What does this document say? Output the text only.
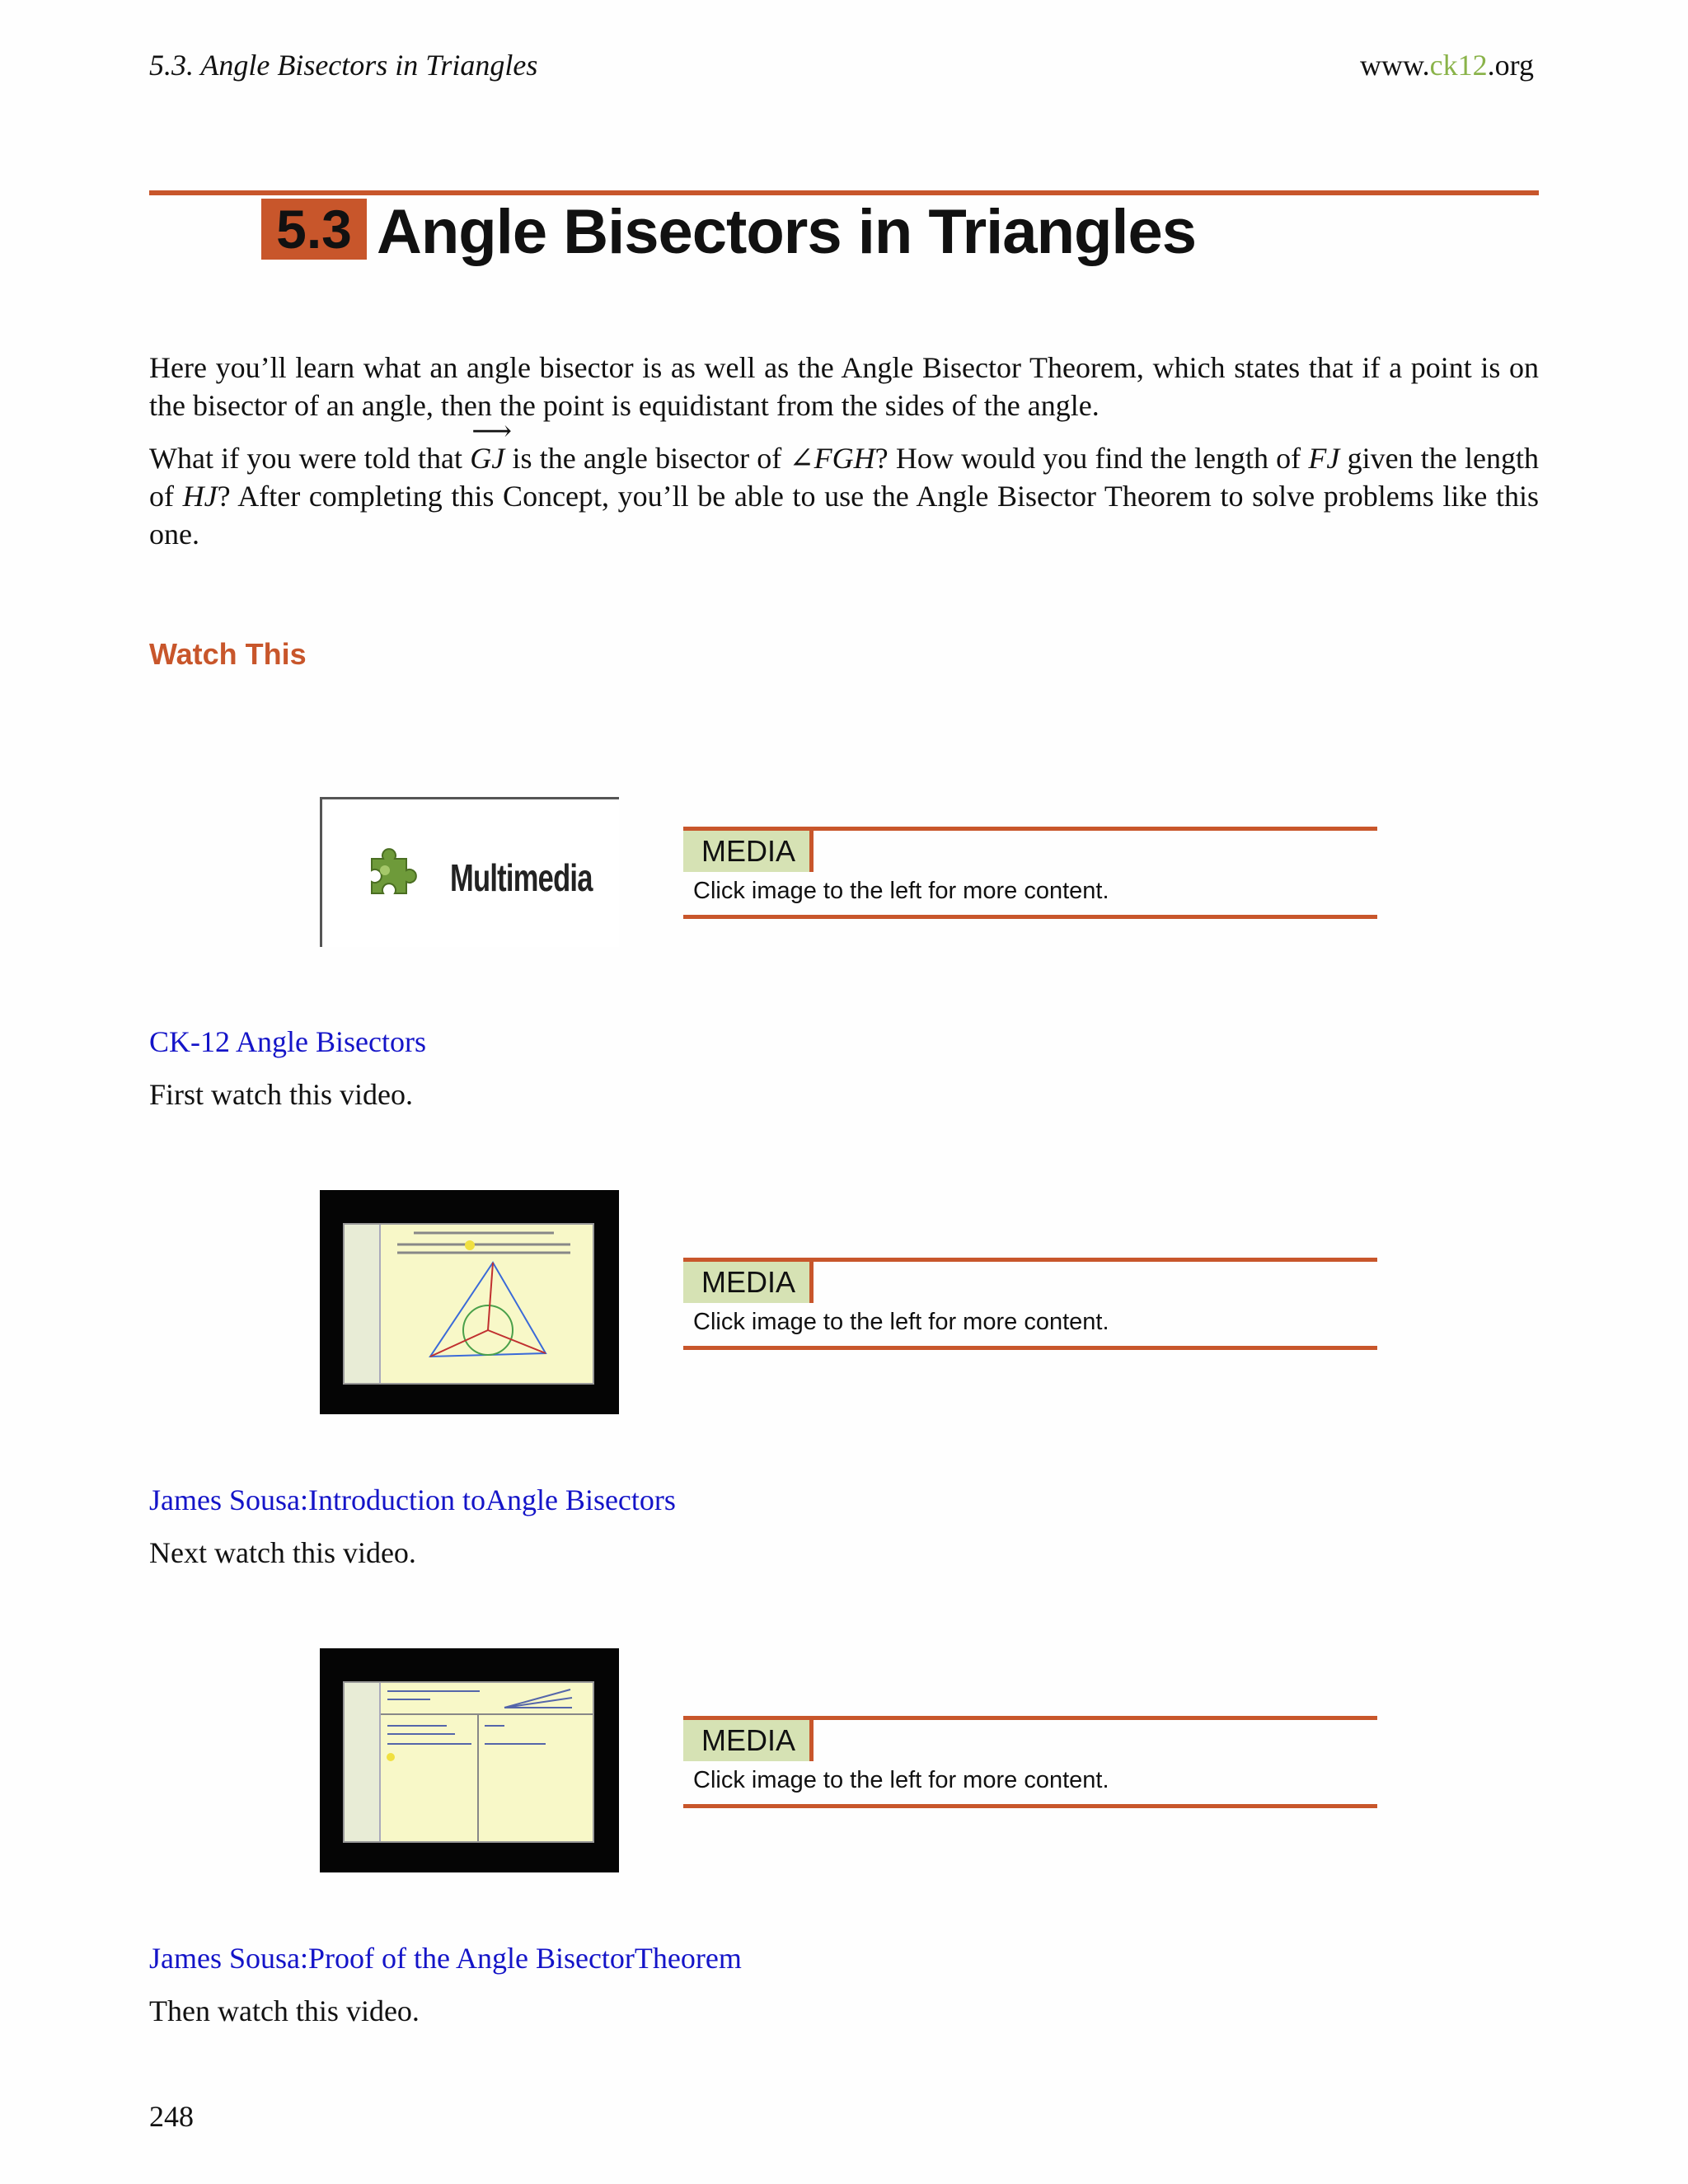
5.3. Angle Bisectors in Triangles	www.ck12.org
5.3 Angle Bisectors in Triangles
Here you’ll learn what an angle bisector is as well as the Angle Bisector Theorem, which states that if a point is on the bisector of an angle, then the point is equidistant from the sides of the angle.
What if you were told that
⟶
GJ is the angle bisector of ∠FGH? How would you find the length of FJ given the length of HJ? After completing this Concept, you’ll be able to use the Angle Bisector Theorem to solve problems like this one.
Watch This
Multimedia
MEDIA
Click image to the left for more content.
CK-12 Angle Bisectors
First watch this video.
MEDIA
Click image to the left for more content.
James Sousa:Introduction toAngle Bisectors
Next watch this video.
MEDIA
Click image to the left for more content.
James Sousa:Proof of the Angle BisectorTheorem
Then watch this video.
248
